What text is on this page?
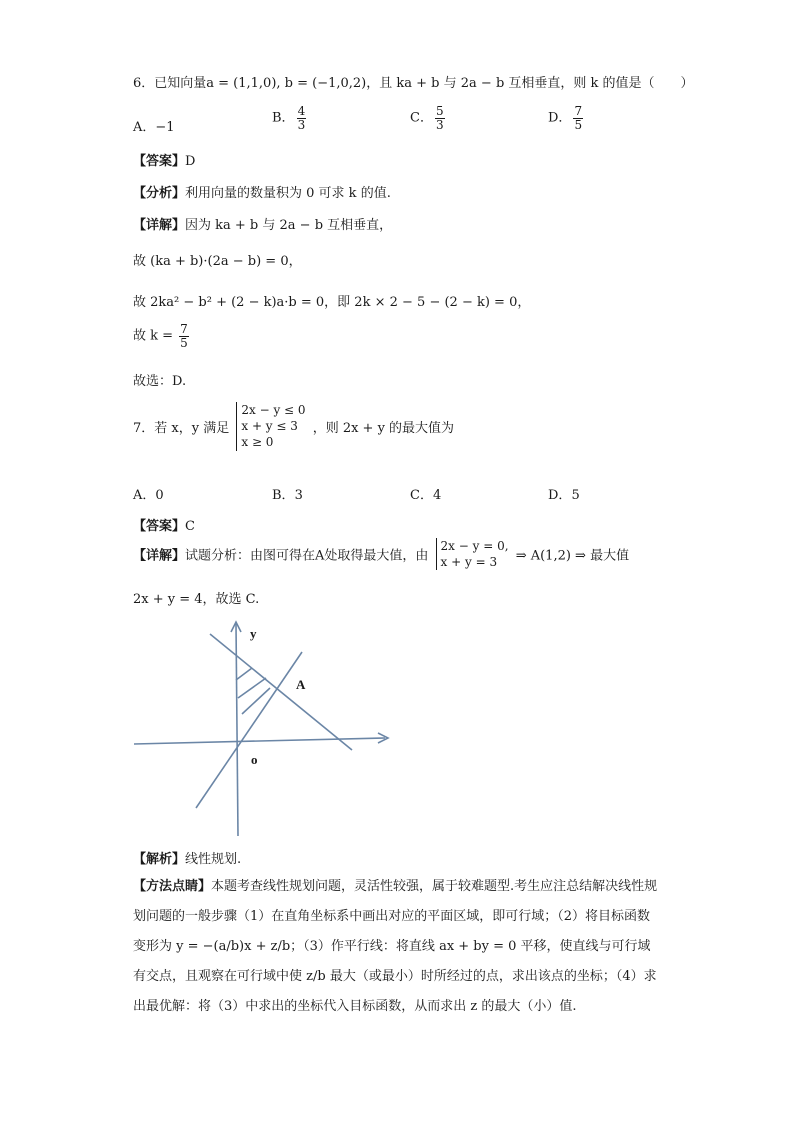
6．已知向量a = (1,1,0), b = (−1,0,2)，且 ka + b 与 2a − b 互相垂直，则 k 的值是（　　）
A．−1
B． $\frac{4}{3}$	C． $\frac{5}{3}$	D． $\frac{7}{5}$
【答案】D
【分析】利用向量的数量积为 0 可求 k 的值.
【详解】因为 ka + b 与 2a − b 互相垂直，
故 (ka + b)·(2a − b) = 0，
故 2ka² − b² + (2 − k)a·b = 0，即 2k × 2 − 5 − (2 − k) = 0，
故 $k = \frac{7}{5}$
故选：D.
7．若 x，y 满足
2x − y ≤ 0
x + y ≤ 3
x ≥ 0
，则 2x + y 的最大值为
A．0	B．3	C．4	D．5
【答案】C
【详解】试题分析：由图可得在A处取得最大值，由
2x − y = 0,
x + y = 3	⇒ A(1,2) ⇒ 最大值
2x + y = 4，故选 C.
y
A
o
【解析】线性规划.
【方法点睛】本题考查线性规划问题，灵活性较强，属于较难题型.考生应注总结解决线性规划问题的一般步骤（1）在直角坐标系中画出对应的平面区域，即可行域；（2）将目标函数变形为 y = −(a/b)x + z/b；（3）作平行线：将直线 ax + by = 0 平移，使直线与可行域有交点，且观察在可行域中使 z/b 最大（或最小）时所经过的点，求出该点的坐标；（4）求出最优解：将（3）中求出的坐标代入目标函数，从而求出 z 的最大（小）值.
